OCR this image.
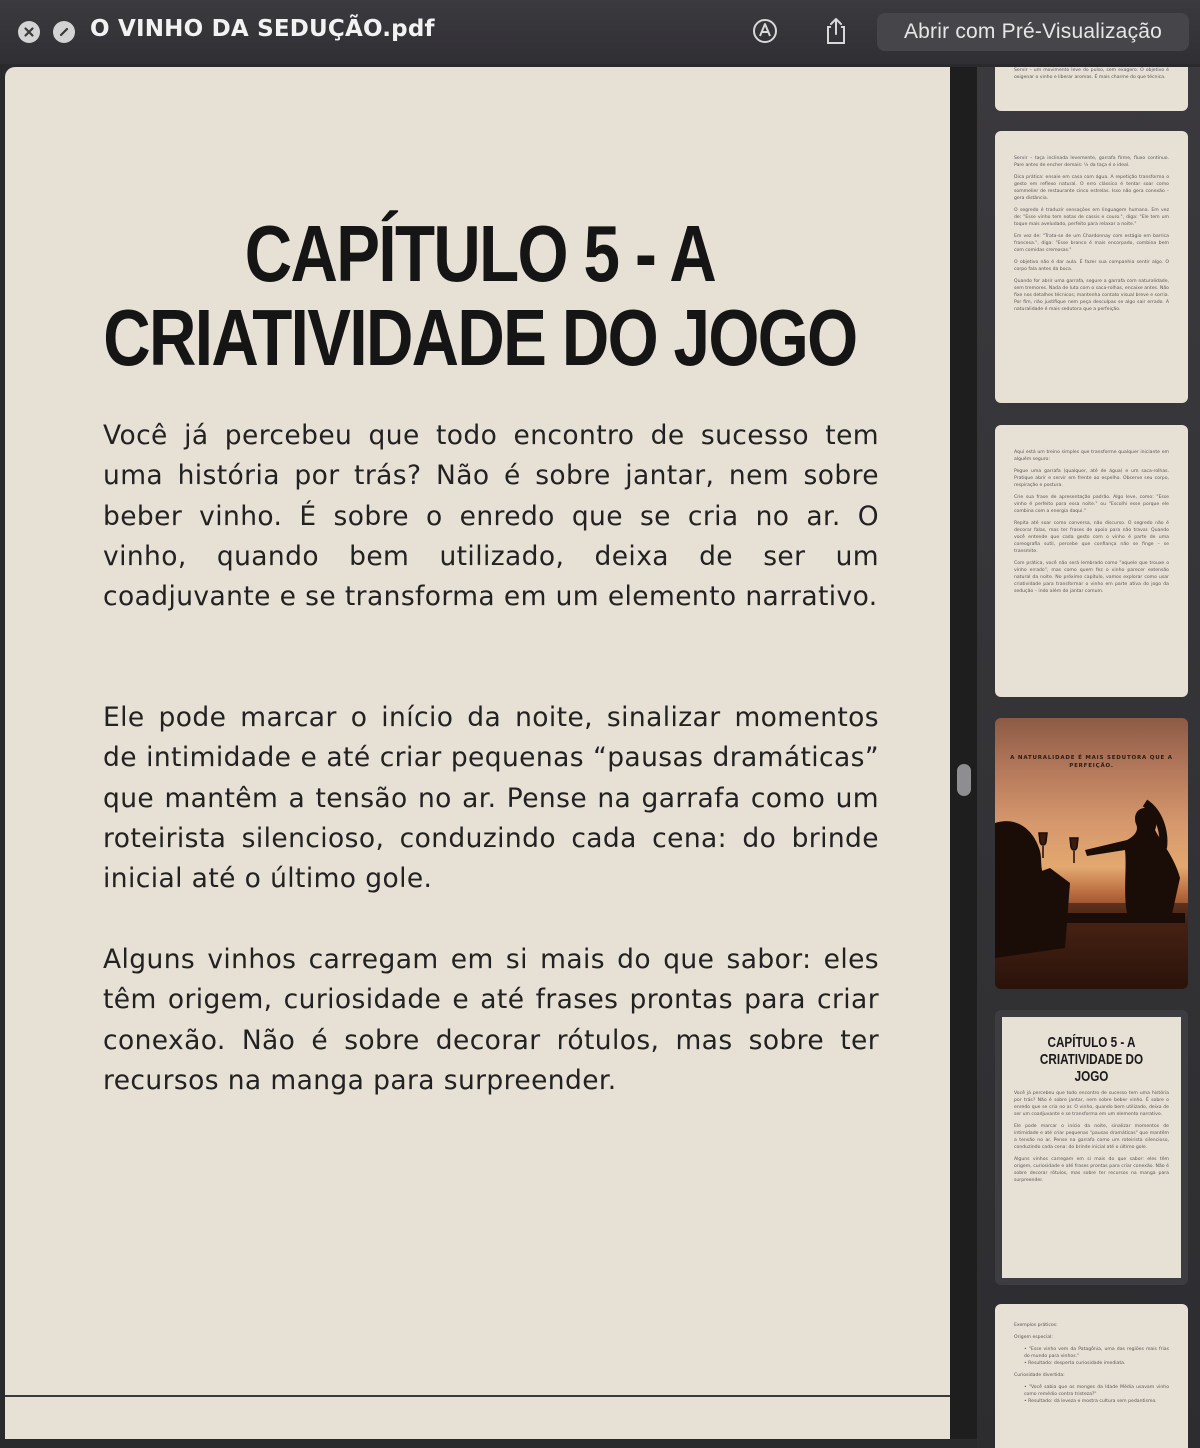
O VINHO DA SEDUÇÃO.pdf	Abrir com Pré-Visualização
CAPÍTULO 5 - A
CRIATIVIDADE DO JOGO

Você já percebeu que todo encontro de sucesso tem uma história por trás? Não é sobre jantar, nem sobre beber vinho. É sobre o enredo que se cria no ar. O vinho, quando bem utilizado, deixa de ser um coadjuvante e se transforma em um elemento narrativo.

Ele pode marcar o início da noite, sinalizar momentos de intimidade e até criar pequenas “pausas dramáticas” que mantêm a tensão no ar. Pense na garrafa como um roteirista silencioso, conduzindo cada cena: do brinde inicial até o último gole.

Alguns vinhos carregam em si mais do que sabor: eles têm origem, curiosidade e até frases prontas para criar conexão. Não é sobre decorar rótulos, mas sobre ter recursos na manga para surpreender.

Servir – um movimento leve do pulso, sem exagero. O objetivo é oxigenar o vinho e liberar aromas. É mais charme do que técnica.
Servir – taça inclinada levemente, garrafa firme, fluxo contínuo. Pare antes de encher demais: ⅓ da taça é o ideal.
Dica prática: ensaie em casa com água. A repetição transforma o gesto em reflexo natural. O erro clássico é tentar soar como sommelier de restaurante cinco estrelas. Isso não gera conexão – gera distância.
O segredo é traduzir sensações em linguagem humana. Em vez de: "Esse vinho tem notas de cassis e couro.", diga: "Ele tem um toque mais aveludado, perfeito para relaxar a noite."
Em vez de: "Trata-se de um Chardonnay com estágio em barrica francesa.", diga: "Esse branco é mais encorpado, combina bem com comidas cremosas."
O objetivo não é dar aula. É fazer sua companhia sentir algo. O corpo fala antes da boca.
Quando for abrir uma garrafa, segure a garrafa com naturalidade, sem tremores. Nada de luta com o saca-rolhas, encaixe antes. Não fixe nos detalhes técnicos; mantenha contato visual breve e sorria. Por fim, não justifique nem peça desculpas se algo sair errado. A naturalidade é mais sedutora que a perfeição.
Aqui está um treino simples que transforme qualquer iniciante em alguém seguro:
Pegue uma garrafa (qualquer, até de água) e um saca-rolhas. Pratique abrir e servir em frente ao espelho. Observe seu corpo, respiração e postura.
Crie sua frase de apresentação padrão. Algo leve, como: "Esse vinho é perfeito para essa noite." ou "Escolhi esse porque ele combina com a energia daqui."
Repita até soar como conversa, não discurso. O segredo não é decorar falas, mas ter frases de apoio para não travar. Quando você entende que cada gesto com o vinho é parte de uma coreografia sutil, percebe que confiança não se finge – se transmite.
Com prática, você não será lembrado como "aquele que trouxe o vinho errado", mas como quem fez o vinho parecer extensão natural da noite. No próximo capítulo, vamos explorar como usar criatividade para transformar o vinho em parte ativa do jogo da sedução – indo além do jantar comum.
A NATURALIDADE É MAIS SEDUTORA QUE A PERFEIÇÃO.
CAPÍTULO 5 - A
CRIATIVIDADE DO JOGO
Você já percebeu que todo encontro de sucesso tem uma história por trás? Não é sobre jantar, nem sobre beber vinho. É sobre o enredo que se cria no ar. O vinho, quando bem utilizado, deixa de ser um coadjuvante e se transforma em um elemento narrativo.
Ele pode marcar o início da noite, sinalizar momentos de intimidade e até criar pequenas "pausas dramáticas" que mantêm a tensão no ar. Pense na garrafa como um roteirista silencioso, conduzindo cada cena: do brinde inicial até o último gole.
Alguns vinhos carregam em si mais do que sabor: eles têm origem, curiosidade e até frases prontas para criar conexão. Não é sobre decorar rótulos, mas sobre ter recursos na manga para surpreender.
Exemplos práticos:
Origem especial:
• "Esse vinho vem da Patagônia, uma das regiões mais frias do mundo para vinhos."
• Resultado: desperta curiosidade imediata.
Curiosidade divertida:
• "Você sabia que os monges da Idade Média usavam vinho como remédio contra tristeza?"
• Resultado: dá leveza e mostra cultura sem pedantismo.
